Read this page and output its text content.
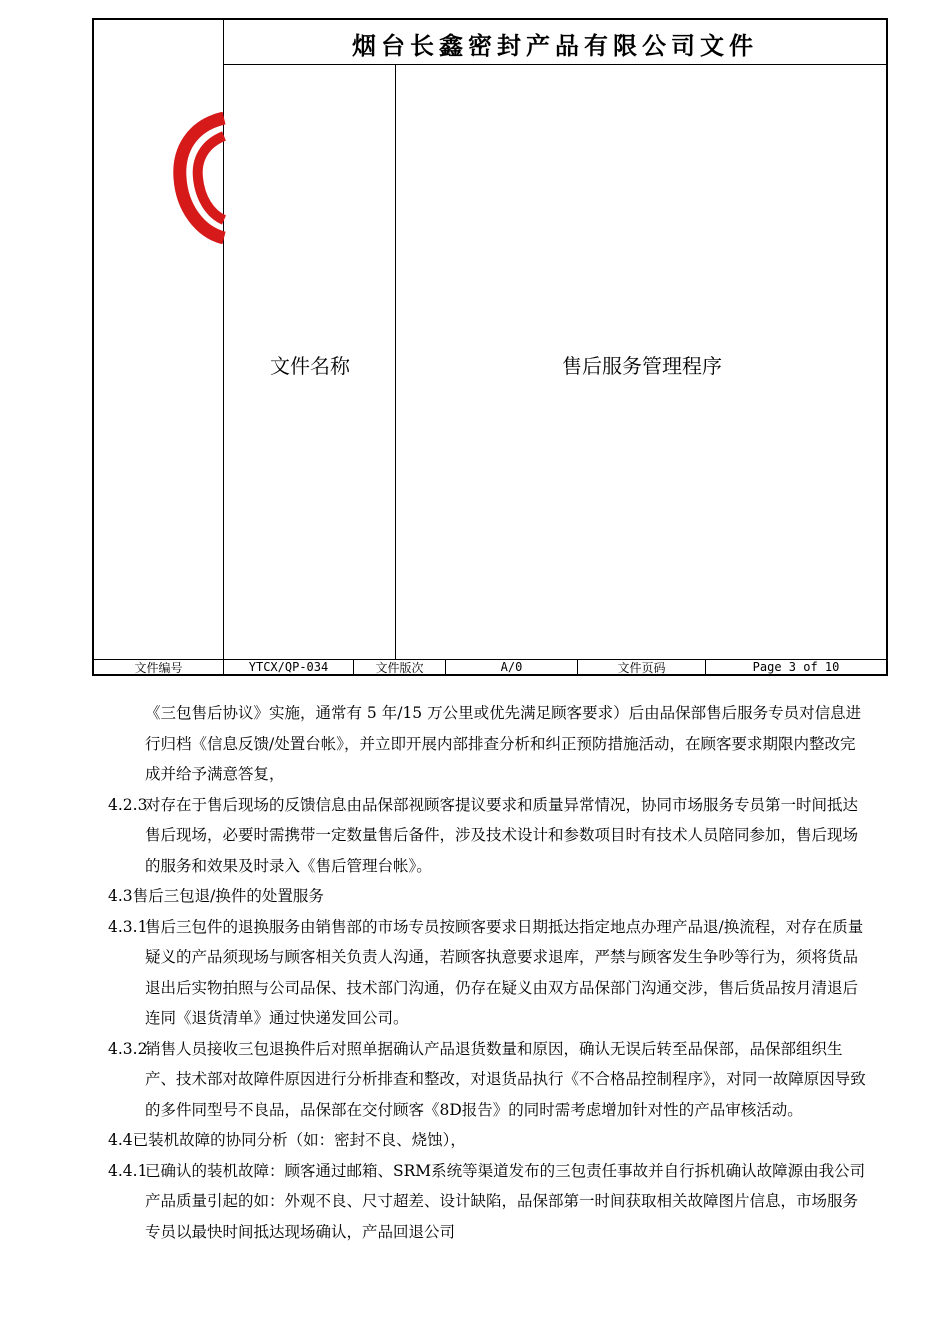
烟台长鑫密封产品有限公司文件
文件名称	售后服务管理程序
文件编号	YTCX/QP-034	文件版次	A/0	文件页码	Page 3 of 10

《三包售后协议》实施，通常有 5 年/15 万公里或优先满足顾客要求）后由品保部售后服务专员对信息进行归档《信息反馈/处置台帐》，并立即开展内部排查分析和纠正预防措施活动，在顾客要求期限内整改完成并给予满意答复，

4.2.3
对存在于售后现场的反馈信息由品保部视顾客提议要求和质量异常情况，协同市场服务专员第一时间抵达售后现场，必要时需携带一定数量售后备件，涉及技术设计和参数项目时有技术人员陪同参加，售后现场的服务和效果及时录入《售后管理台帐》。

4.3售后三包退/换件的处置服务

4.3.1
售后三包件的退换服务由销售部的市场专员按顾客要求日期抵达指定地点办理产品退/换流程，对存在质量疑义的产品须现场与顾客相关负责人沟通，若顾客执意要求退库，严禁与顾客发生争吵等行为，须将货品退出后实物拍照与公司品保、技术部门沟通，仍存在疑义由双方品保部门沟通交涉，售后货品按月清退后连同《退货清单》通过快递发回公司。

4.3.2
销售人员接收三包退换件后对照单据确认产品退货数量和原因，确认无误后转至品保部，品保部组织生产、技术部对故障件原因进行分析排查和整改，对退货品执行《不合格品控制程序》，对同一故障原因导致的多件同型号不良品，品保部在交付顾客《8D报告》的同时需考虑增加针对性的产品审核活动。

4.4已装机故障的协同分析（如：密封不良、烧蚀），

4.4.1
已确认的装机故障：顾客通过邮箱、SRM系统等渠道发布的三包责任事故并自行拆机确认故障源由我公司产品质量引起的如：外观不良、尺寸超差、设计缺陷，品保部第一时间获取相关故障图片信息，市场服务专员以最快时间抵达现场确认，产品回退公司
